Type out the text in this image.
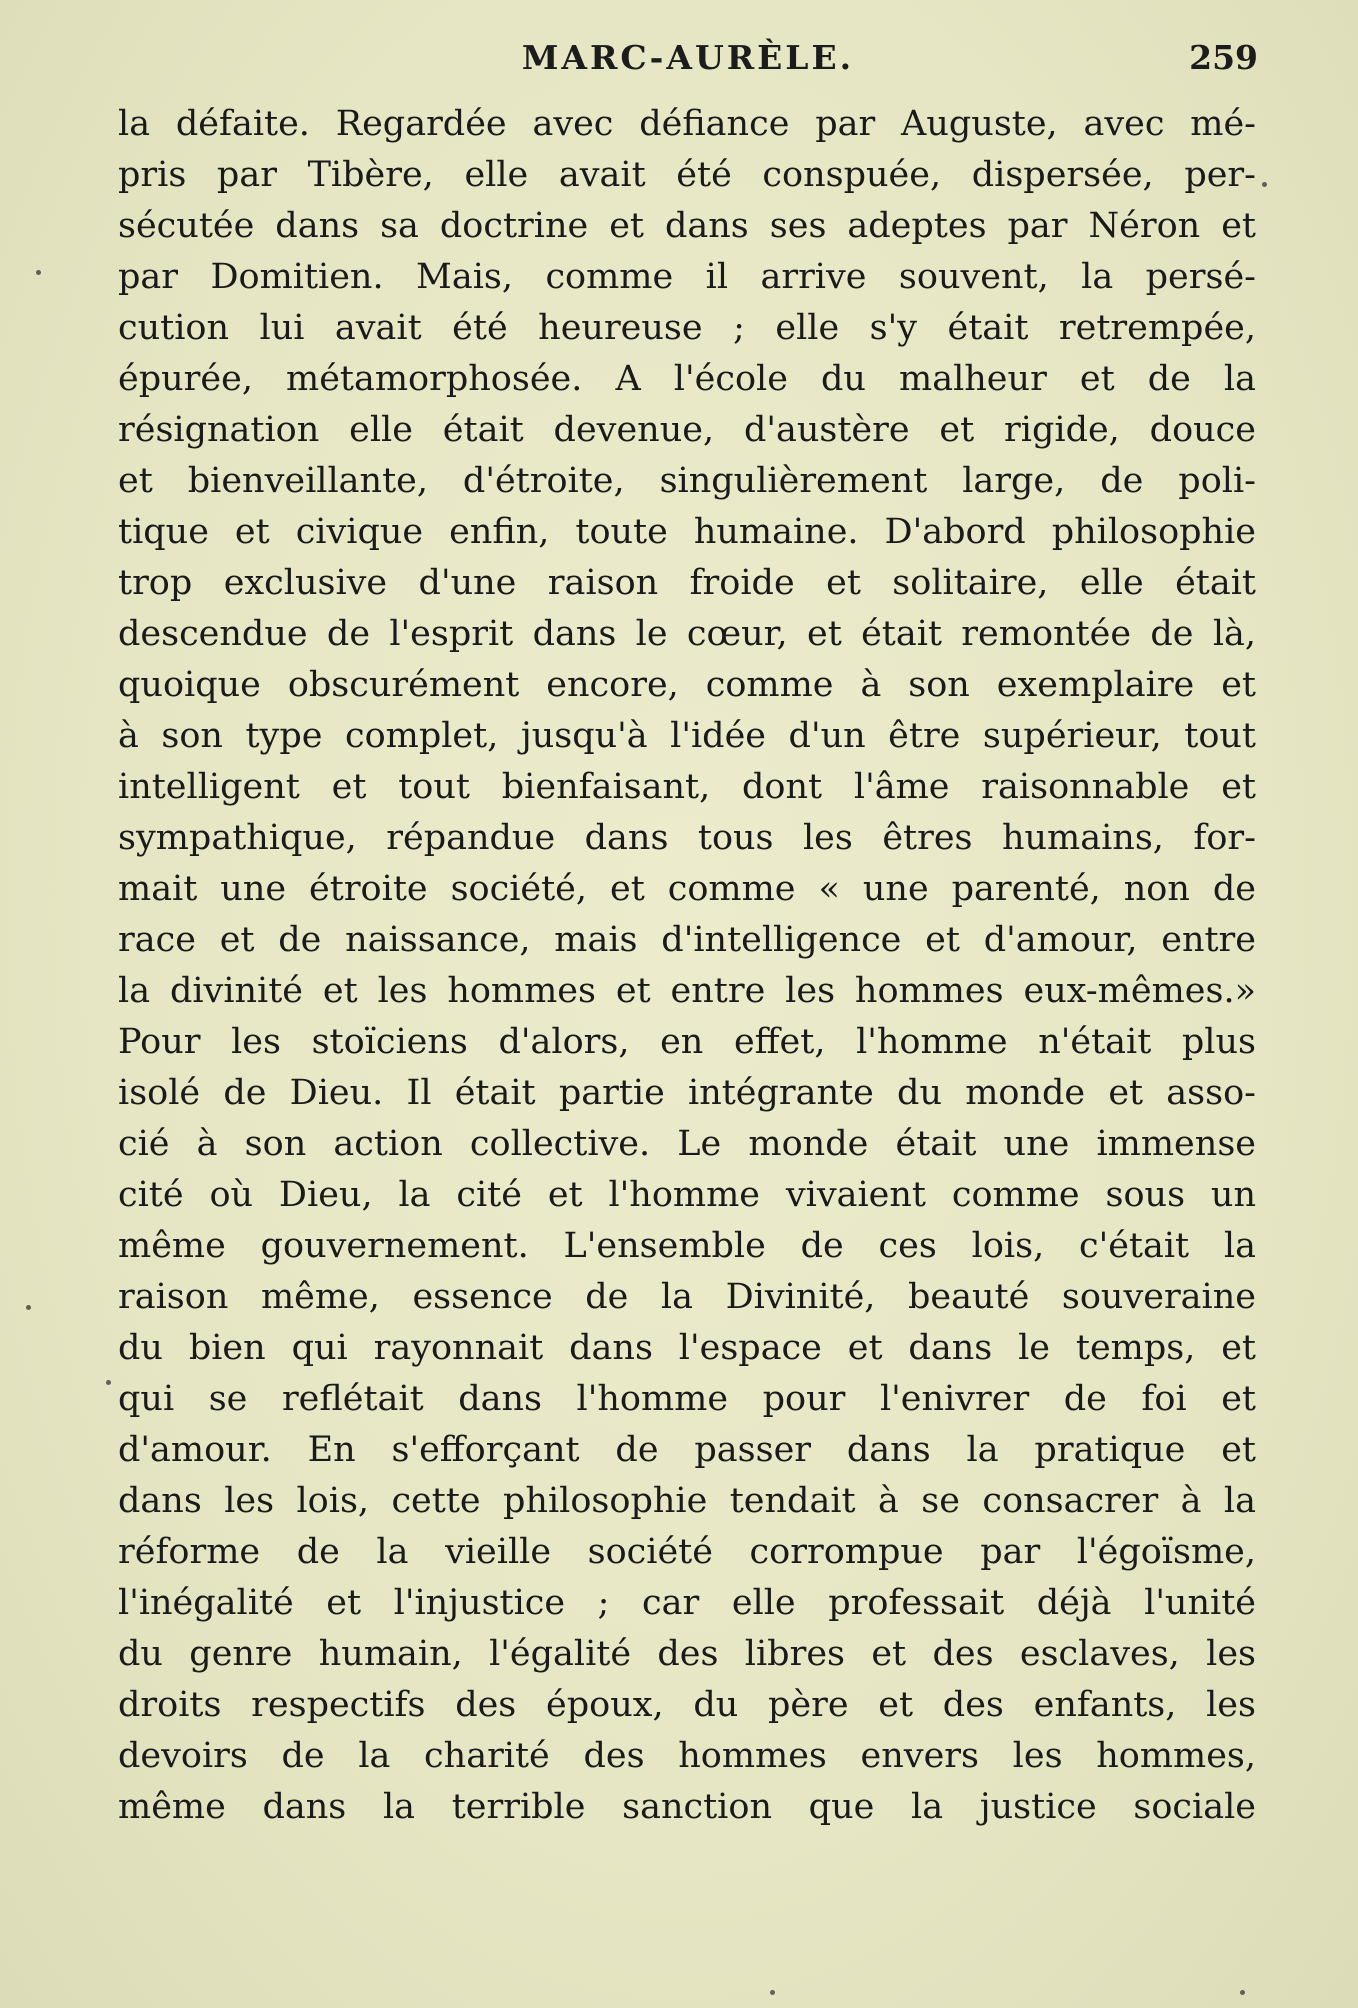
MARC-AURÈLE.	259
la défaite. Regardée avec défiance par Auguste, avec mé-
pris par Tibère, elle avait été conspuée, dispersée, per-
sécutée dans sa doctrine et dans ses adeptes par Néron et
par Domitien. Mais, comme il arrive souvent, la persé-
cution lui avait été heureuse ; elle s'y était retrempée,
épurée, métamorphosée. A l'école du malheur et de la
résignation elle était devenue, d'austère et rigide, douce
et bienveillante, d'étroite, singulièrement large, de poli-
tique et civique enfin, toute humaine. D'abord philosophie
trop exclusive d'une raison froide et solitaire, elle était
descendue de l'esprit dans le cœur, et était remontée de là,
quoique obscurément encore, comme à son exemplaire et
à son type complet, jusqu'à l'idée d'un être supérieur, tout
intelligent et tout bienfaisant, dont l'âme raisonnable et
sympathique, répandue dans tous les êtres humains, for-
mait une étroite société, et comme « une parenté, non de
race et de naissance, mais d'intelligence et d'amour, entre
la divinité et les hommes et entre les hommes eux-mêmes.»
Pour les stoïciens d'alors, en effet, l'homme n'était plus
isolé de Dieu. Il était partie intégrante du monde et asso-
cié à son action collective. Le monde était une immense
cité où Dieu, la cité et l'homme vivaient comme sous un
même gouvernement. L'ensemble de ces lois, c'était la
raison même, essence de la Divinité, beauté souveraine
du bien qui rayonnait dans l'espace et dans le temps, et
qui se reflétait dans l'homme pour l'enivrer de foi et
d'amour. En s'efforçant de passer dans la pratique et
dans les lois, cette philosophie tendait à se consacrer à la
réforme de la vieille société corrompue par l'égoïsme,
l'inégalité et l'injustice ; car elle professait déjà l'unité
du genre humain, l'égalité des libres et des esclaves, les
droits respectifs des époux, du père et des enfants, les
devoirs de la charité des hommes envers les hommes,
même dans la terrible sanction que la justice sociale
